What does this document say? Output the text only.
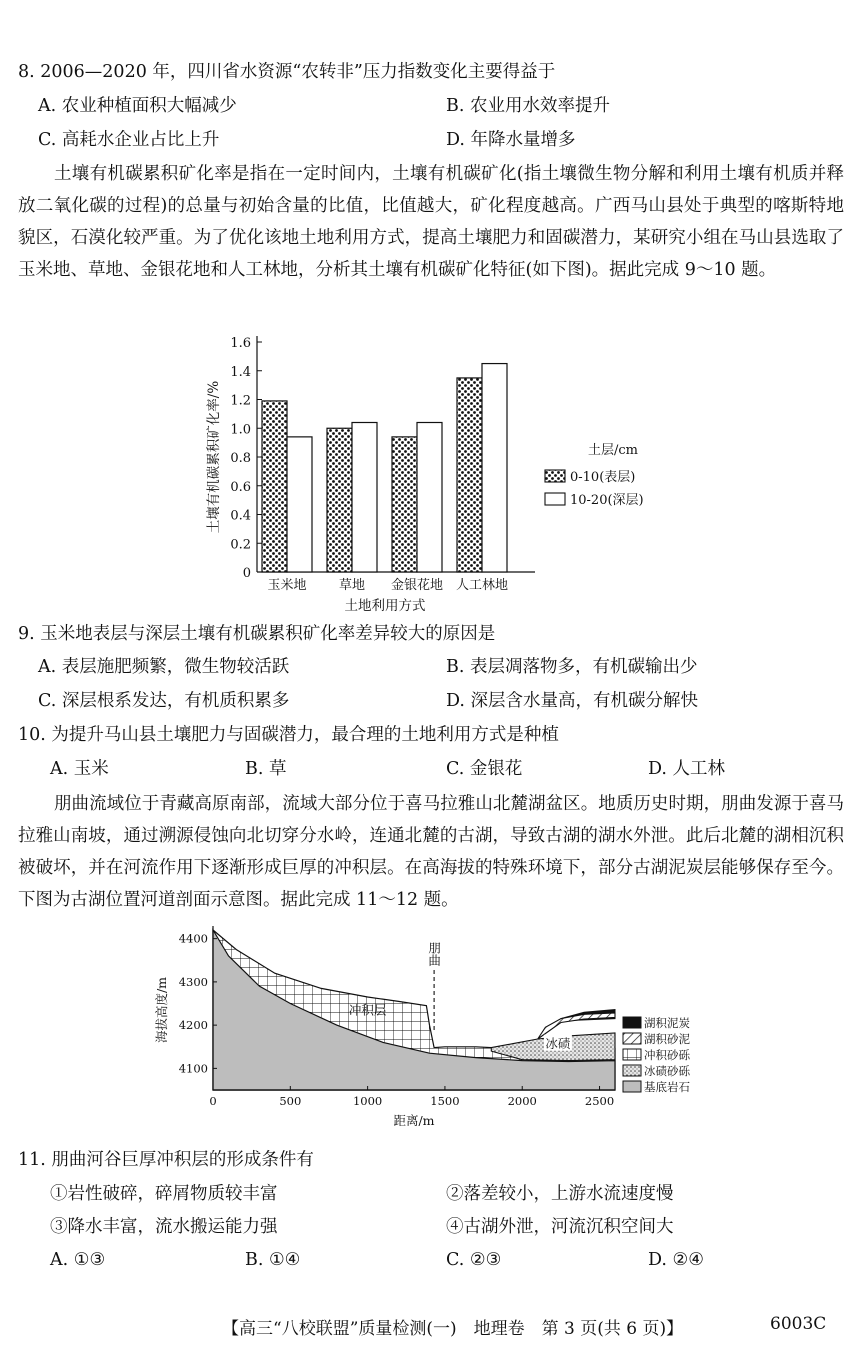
8. 2006—2020 年，四川省水资源“农转非”压力指数变化主要得益于
A. 农业种植面积大幅减少	B. 农业用水效率提升
C. 高耗水企业占比上升	D. 年降水量增多
土壤有机碳累积矿化率是指在一定时间内，土壤有机碳矿化(指土壤微生物分解和利用土壤有机质并释放二氧化碳的过程)的总量与初始含量的比值，比值越大，矿化程度越高。广西马山县处于典型的喀斯特地貌区，石漠化较严重。为了优化该地土地利用方式，提高土壤肥力和固碳潜力，某研究小组在马山县选取了玉米地、草地、金银花地和人工林地，分析其土壤有机碳矿化特征(如下图)。据此完成 9～10 题。
0
0.2
0.4
0.6
0.8
1.0
1.2
1.4
1.6
土壤有机碳累积矿化率/%
玉米地 草地 金银花地 人工林地
土地利用方式
土层/cm
0-10(表层)
10-20(深层)
9. 玉米地表层与深层土壤有机碳累积矿化率差异较大的原因是
A. 表层施肥频繁，微生物较活跃	B. 表层凋落物多，有机碳输出少
C. 深层根系发达，有机质积累多	D. 深层含水量高，有机碳分解快
10. 为提升马山县土壤肥力与固碳潜力，最合理的土地利用方式是种植
A. 玉米	B. 草	C. 金银花	D. 人工林
朋曲流域位于青藏高原南部，流域大部分位于喜马拉雅山北麓湖盆区。地质历史时期，朋曲发源于喜马拉雅山南坡，通过溯源侵蚀向北切穿分水岭，连通北麓的古湖，导致古湖的湖水外泄。此后北麓的湖相沉积被破坏，并在河流作用下逐渐形成巨厚的冲积层。在高海拔的特殊环境下，部分古湖泥炭层能够保存至今。下图为古湖位置河道剖面示意图。据此完成 11～12 题。
4100
4200
4300
4400
0	500	1000	1500	2000	2500
距离/m
海拔高度/m
朋曲
冲积层
冰碛
湖积泥炭
湖积砂泥
冲积砂砾
冰碛砂砾
基底岩石
11. 朋曲河谷巨厚冲积层的形成条件有
①岩性破碎，碎屑物质较丰富	②落差较小，上游水流速度慢
③降水丰富，流水搬运能力强	④古湖外泄，河流沉积空间大
A. ①③	B. ①④	C. ②③	D. ②④
【高三“八校联盟”质量检测(一)　地理卷　第 3 页(共 6 页)】	6003C
